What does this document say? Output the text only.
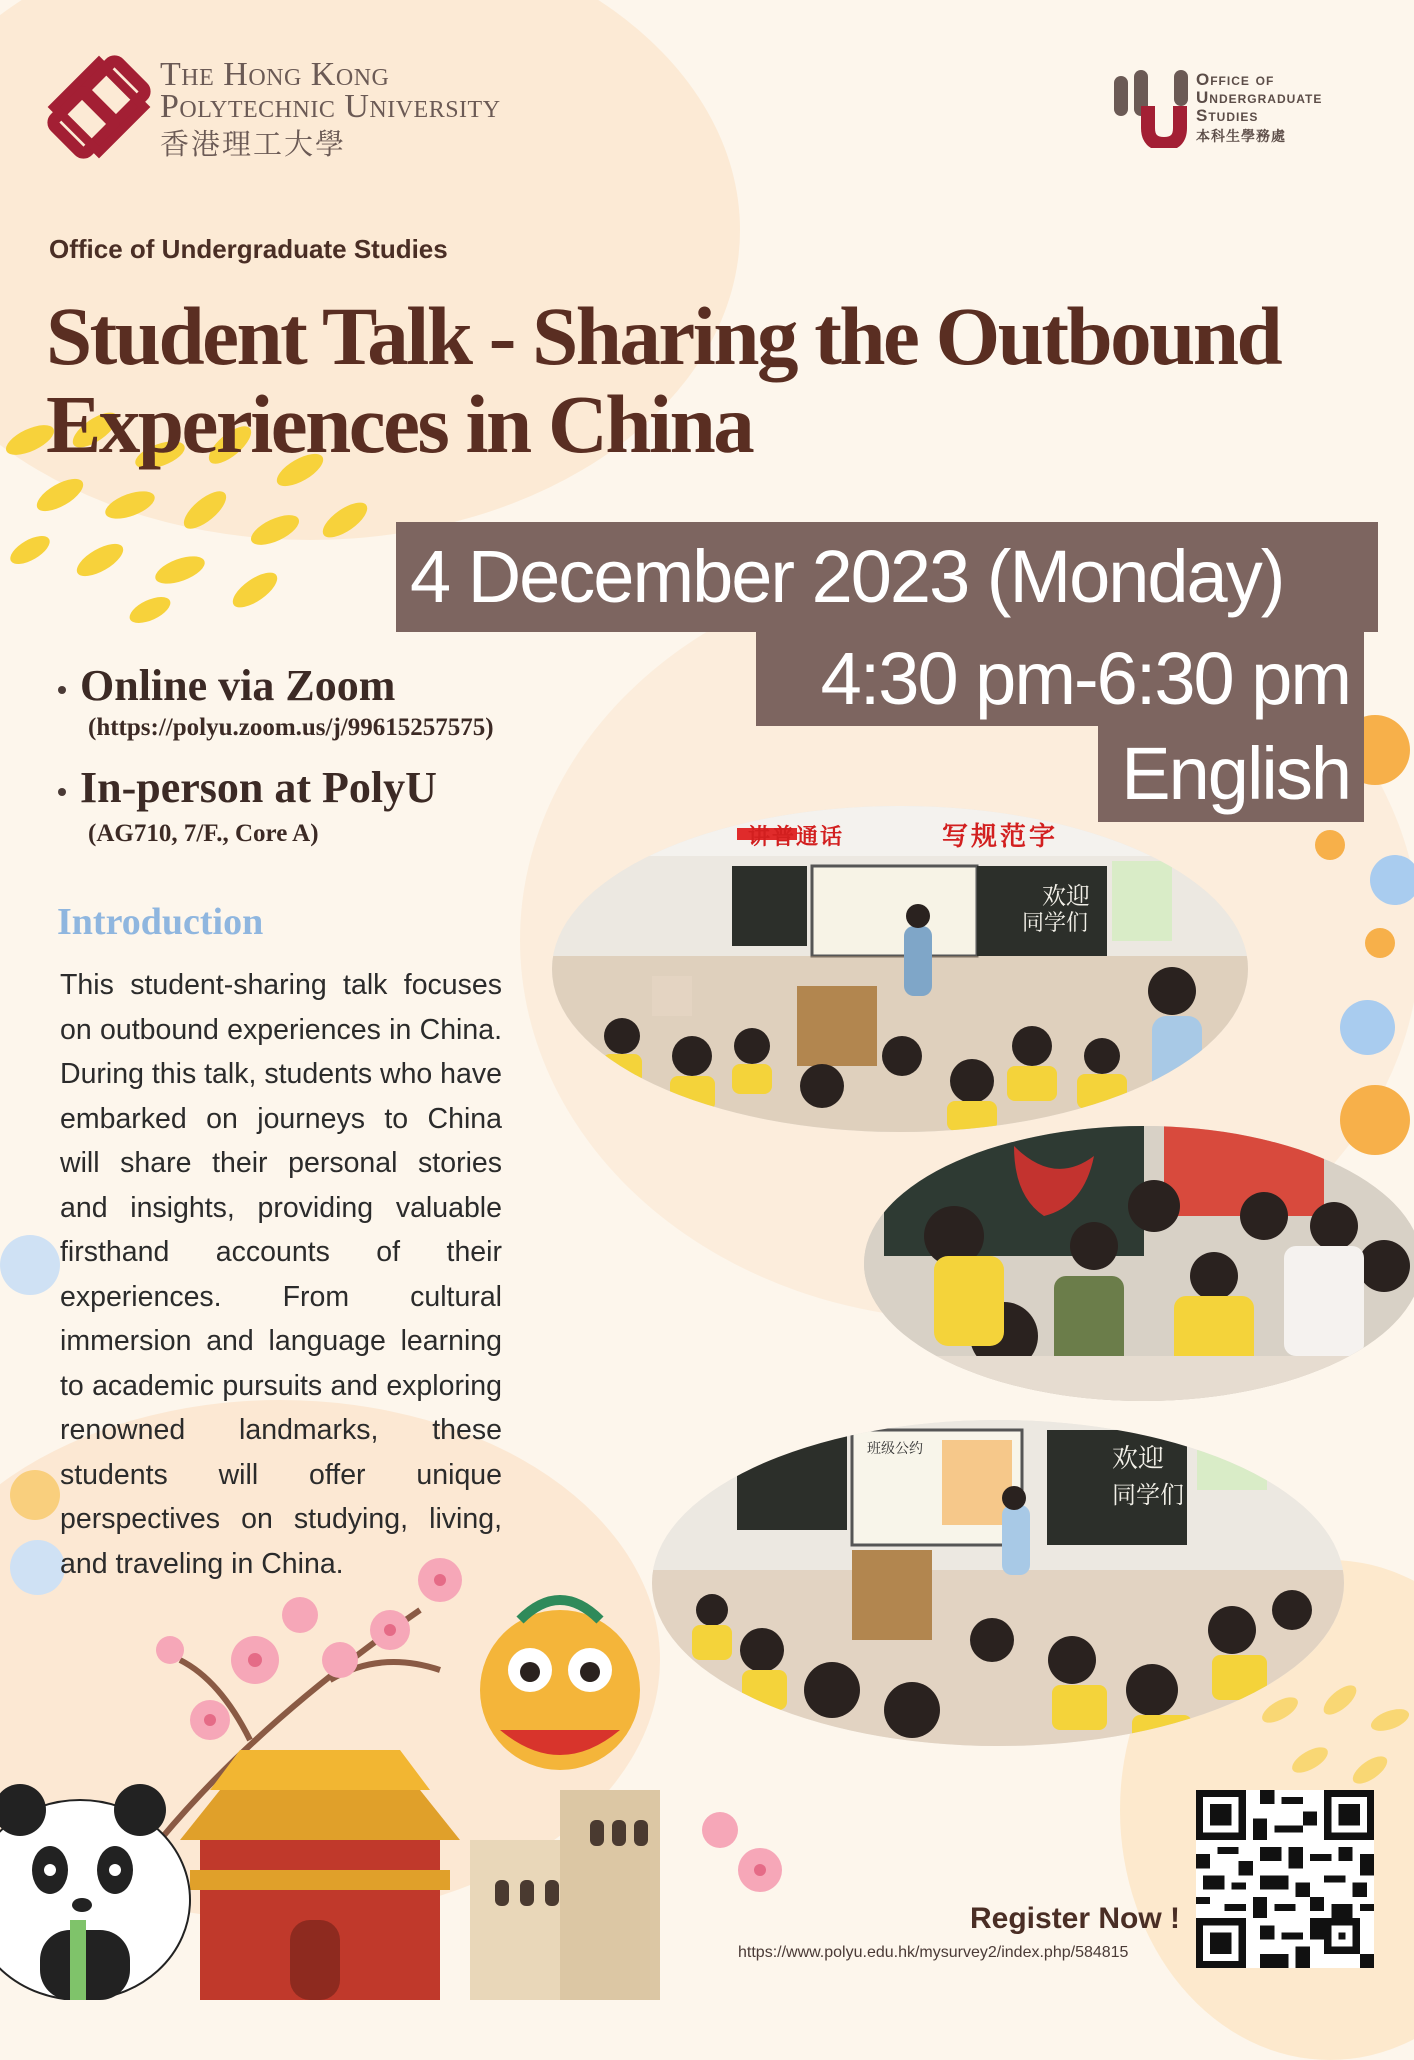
The Hong Kong
Polytechnic University
香港理工大學
Office of
Undergraduate
Studies
本科生學務處
Office of Undergraduate Studies
Student Talk - Sharing the Outbound
Experiences in China
4 December 2023 (Monday)
4:30 pm-6:30 pm
English
Online via Zoom
(https://polyu.zoom.us/j/99615257575)
In-person at PolyU
(AG710, 7/F., Core A)
Introduction

This student-sharing talk focuses on outbound experiences in China. During this talk, students who have embarked on journeys to China will share their personal stories and insights, providing valuable firsthand accounts of their experiences. From cultural immersion and language learning to academic pursuits and exploring renowned landmarks, these students will offer unique perspectives on studying, living, and traveling in China.

讲普通话	写规范字
欢迎
同学们
班级公约	欢迎
同学们
Register Now !
https://www.polyu.edu.hk/mysurvey2/index.php/584815
